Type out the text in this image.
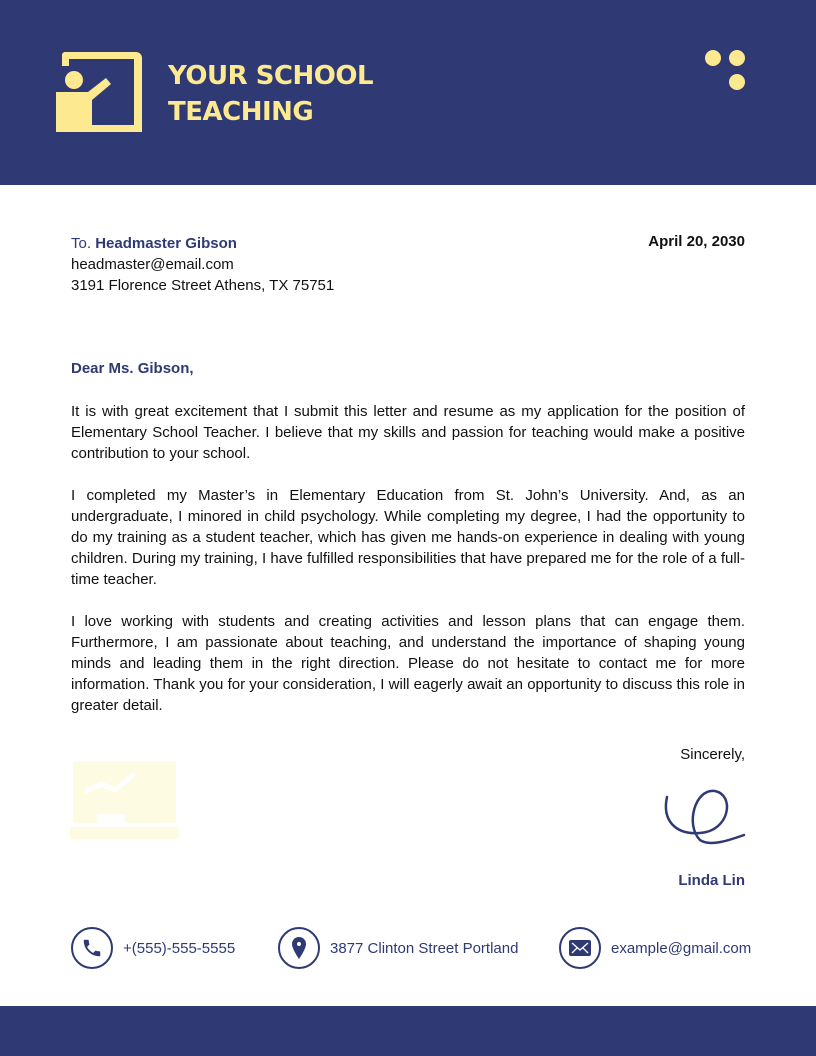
YOUR SCHOOL
TEACHING
To. Headmaster Gibson
headmaster@email.com
3191 Florence Street Athens, TX 75751
April 20, 2030
Dear Ms. Gibson,

It is with great excitement that I submit this letter and resume as my application for the position of Elementary School Teacher. I believe that my skills and passion for teaching would make a positive contribution to your school.

I completed my Master’s in Elementary Education from St. John’s University. And, as an undergraduate, I minored in child psychology. While completing my degree, I had the opportunity to do my training as a student teacher, which has given me hands-on experience in dealing with young children. During my training, I have fulfilled responsibilities that have prepared me for the role of a full-time teacher.

I love working with students and creating activities and lesson plans that can engage them. Furthermore, I am passionate about teaching, and understand the importance of shaping young minds and leading them in the right direction. Please do not hesitate to contact me for more information. Thank you for your consideration, I will eagerly await an opportunity to discuss this role in greater detail.

Sincerely,
Linda Lin
+(555)-555-5555	3877 Clinton Street Portland	example@gmail.com
